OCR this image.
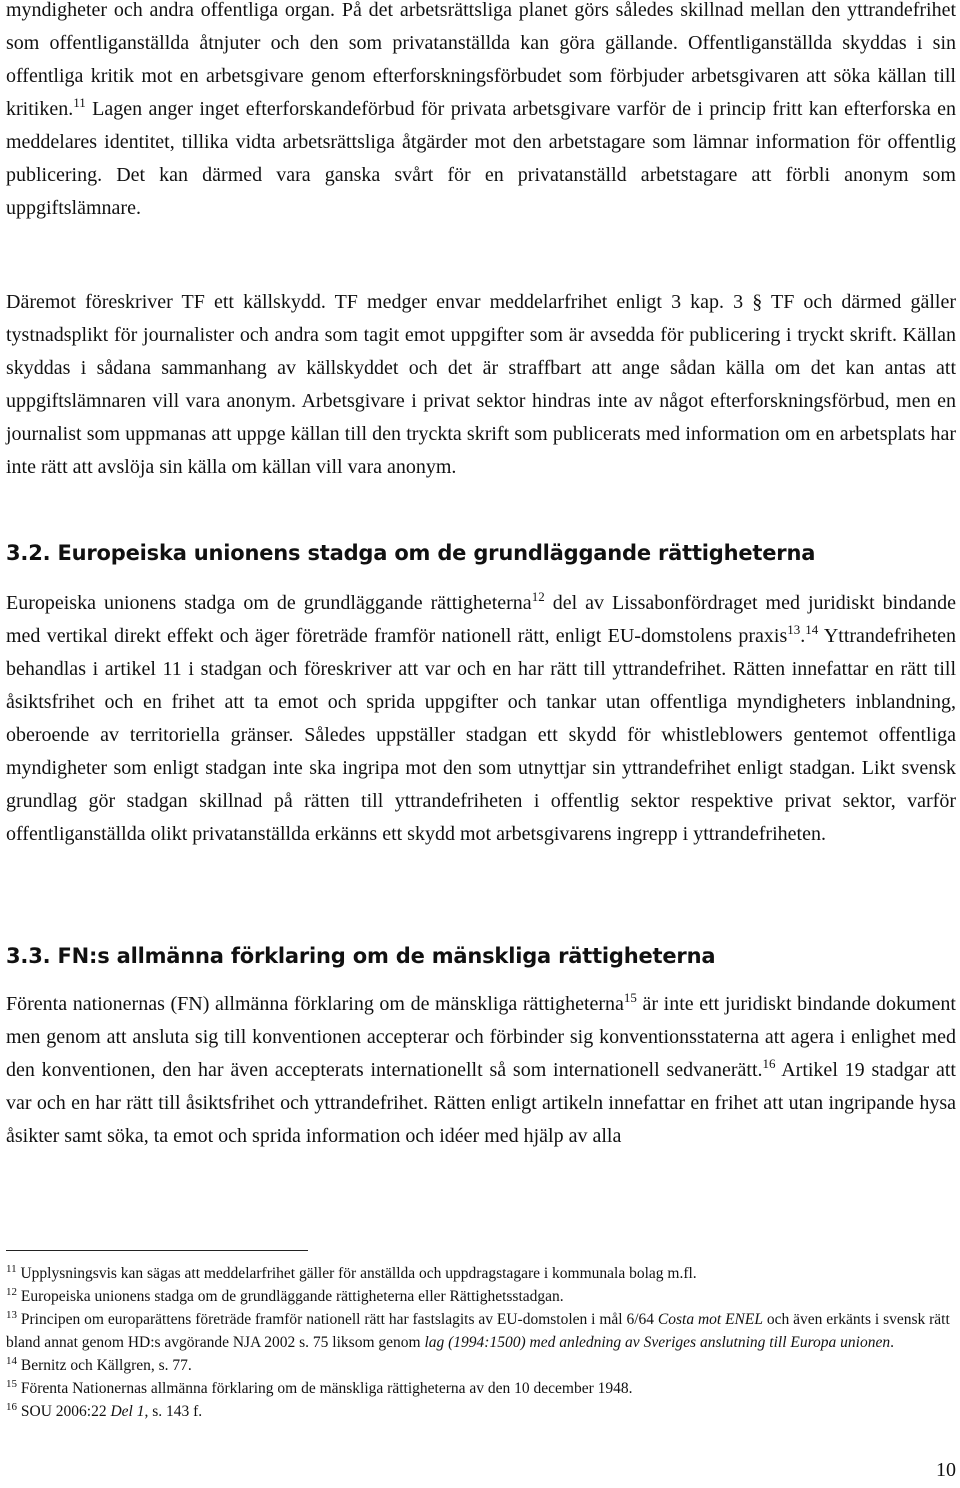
myndigheter och andra offentliga organ. På det arbetsrättsliga planet görs således skillnad mellan den yttrandefrihet som offentliganställda åtnjuter och den som privatanställda kan göra gällande. Offentliganställda skyddas i sin offentliga kritik mot en arbetsgivare genom efterforskningsförbudet som förbjuder arbetsgivaren att söka källan till kritiken.$^{11}$ Lagen anger inget efterforskandeförbud för privata arbetsgivare varför de i princip fritt kan efterforska en meddelares identitet, tillika vidta arbetsrättsliga åtgärder mot den arbetstagare som lämnar information för offentlig publicering. Det kan därmed vara ganska svårt för en privatanställd arbetstagare att förbli anonym som uppgiftslämnare.

Däremot föreskriver TF ett källskydd. TF medger envar meddelarfrihet enligt 3 kap. 3 § TF och därmed gäller tystnadsplikt för journalister och andra som tagit emot uppgifter som är avsedda för publicering i tryckt skrift. Källan skyddas i sådana sammanhang av källskyddet och det är straffbart att ange sådan källa om det kan antas att uppgiftslämnaren vill vara anonym. Arbetsgivare i privat sektor hindras inte av något efterforskningsförbud, men en journalist som uppmanas att uppge källan till den tryckta skrift som publicerats med information om en arbetsplats har inte rätt att avslöja sin källa om källan vill vara anonym.

3.2. Europeiska unionens stadga om de grundläggande rättigheterna

Europeiska unionens stadga om de grundläggande rättigheterna$^{12}$ del av Lissabonfördraget med juridiskt bindande med vertikal direkt effekt och äger företräde framför nationell rätt, enligt EU-domstolens praxis$^{13}$.$^{14}$ Yttrandefriheten behandlas i artikel 11 i stadgan och föreskriver att var och en har rätt till yttrandefrihet. Rätten innefattar en rätt till åsiktsfrihet och en frihet att ta emot och sprida uppgifter och tankar utan offentliga myndigheters inblandning, oberoende av territoriella gränser. Således uppställer stadgan ett skydd för whistleblowers gentemot offentliga myndigheter som enligt stadgan inte ska ingripa mot den som utnyttjar sin yttrandefrihet enligt stadgan. Likt svensk grundlag gör stadgan skillnad på rätten till yttrandefriheten i offentlig sektor respektive privat sektor, varför offentliganställda olikt privatanställda erkänns ett skydd mot arbetsgivarens ingrepp i yttrandefriheten.

3.3. FN:s allmänna förklaring om de mänskliga rättigheterna

Förenta nationernas (FN) allmänna förklaring om de mänskliga rättigheterna$^{15}$ är inte ett juridiskt bindande dokument men genom att ansluta sig till konventionen accepterar och förbinder sig konventionsstaterna att agera i enlighet med den konventionen, den har även accepterats internationellt så som internationell sedvanerätt.$^{16}$ Artikel 19 stadgar att var och en har rätt till åsiktsfrihet och yttrandefrihet. Rätten enligt artikeln innefattar en frihet att utan ingripande hysa åsikter samt söka, ta emot och sprida information och idéer med hjälp av alla

$^{11}$ Upplysningsvis kan sägas att meddelarfrihet gäller för anställda och uppdragstagare i kommunala bolag m.fl.

$^{12}$ Europeiska unionens stadga om de grundläggande rättigheterna eller Rättighetsstadgan.

$^{13}$ Principen om europarättens företräde framför nationell rätt har fastslagits av EU-domstolen i mål 6/64 Costa mot ENEL och även erkänts i svensk rätt bland annat genom HD:s avgörande NJA 2002 s. 75 liksom genom lag (1994:1500) med anledning av Sveriges anslutning till Europa unionen.

$^{14}$ Bernitz och Källgren, s. 77.

$^{15}$ Förenta Nationernas allmänna förklaring om de mänskliga rättigheterna av den 10 december 1948.

$^{16}$ SOU 2006:22 Del 1, s. 143 f.

10
